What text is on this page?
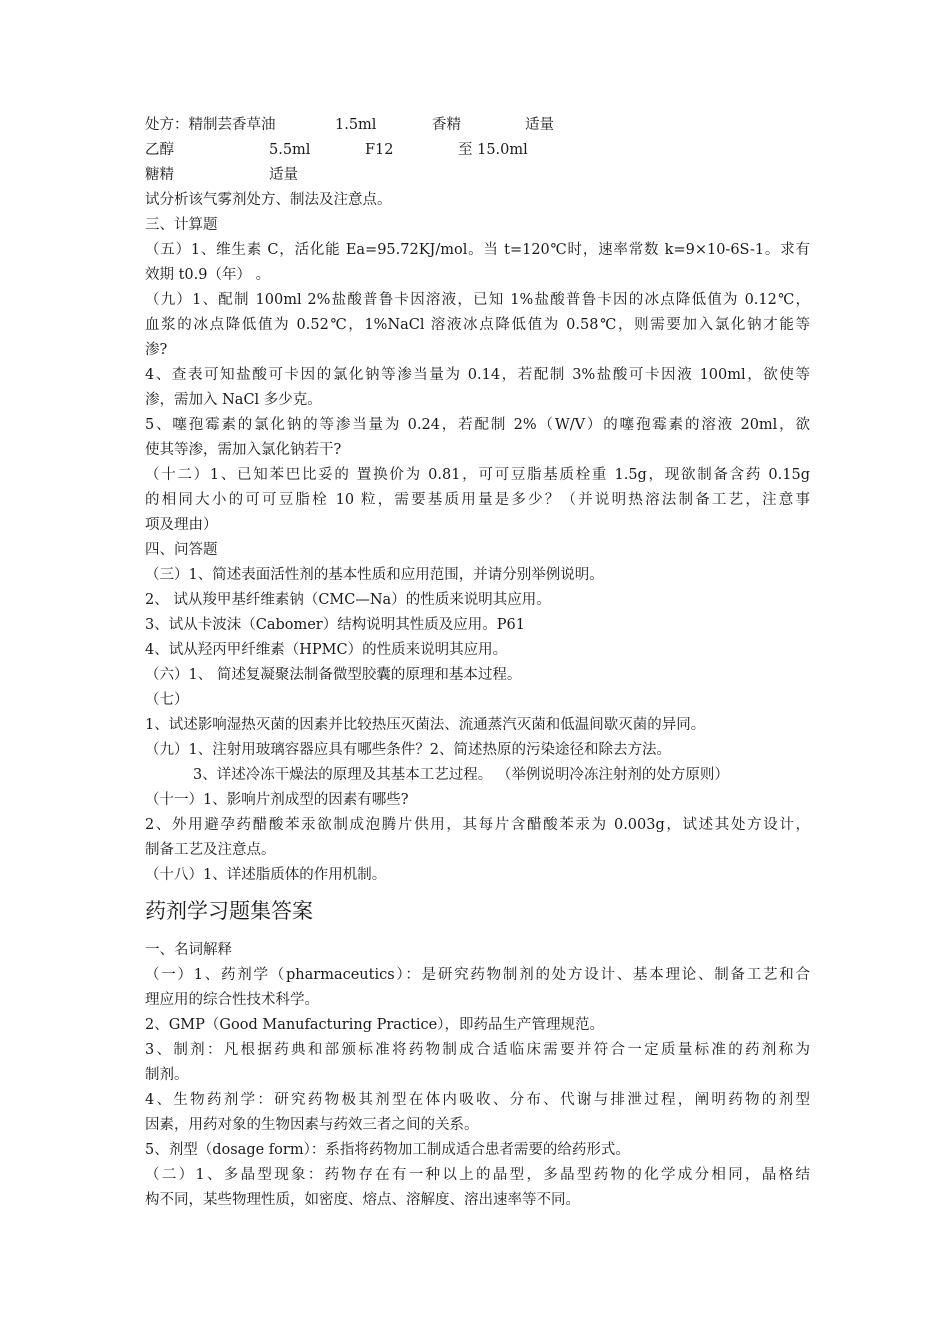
处方：精制芸香草油	1.5ml	香精	适量
乙醇	5.5ml	F12	至 15.0ml
糖精	适量
试分析该气雾剂处方、制法及注意点。
三、计算题
（五）1、维生素 C，活化能 Ea=95.72KJ/mol。当 t=120℃时，速率常数 k=9×10-6S-1。求有
效期 t0.9（年） 。
（九）1、配制 100ml 2%盐酸普鲁卡因溶液，已知 1%盐酸普鲁卡因的冰点降低值为 0.12℃，
血浆的冰点降低值为 0.52℃，1%NaCl 溶液冰点降低值为 0.58℃，则需要加入氯化钠才能等
渗?
4、查表可知盐酸可卡因的氯化钠等渗当量为 0.14，若配制 3%盐酸可卡因液 100ml，欲使等
渗，需加入 NaCl 多少克。
5、噻孢霉素的氯化钠的等渗当量为 0.24，若配制 2%（W/V）的噻孢霉素的溶液 20ml，欲
使其等渗，需加入氯化钠若干?
（十二）1、已知苯巴比妥的 置换价为 0.81，可可豆脂基质栓重 1.5g，现欲制备含药 0.15g
的相同大小的可可豆脂栓 10 粒，需要基质用量是多少？（并说明热溶法制备工艺，注意事
项及理由）
四、问答题
（三）1、简述表面活性剂的基本性质和应用范围，并请分别举例说明。
2、 试从羧甲基纤维素钠（CMC—Na）的性质来说明其应用。
3、试从卡波沫（Cabomer）结构说明其性质及应用。P61
4、试从羟丙甲纤维素（HPMC）的性质来说明其应用。
（六）1、 简述复凝聚法制备微型胶囊的原理和基本过程。
（七）
1、试述影响湿热灭菌的因素并比较热压灭菌法、流通蒸汽灭菌和低温间歇灭菌的异同。
（九）1、注射用玻璃容器应具有哪些条件？2、简述热原的污染途径和除去方法。
3、详述冷冻干燥法的原理及其基本工艺过程。 （举例说明冷冻注射剂的处方原则）
（十一）1、影响片剂成型的因素有哪些?
2、外用避孕药醋酸苯汞欲制成泡腾片供用，其每片含醋酸苯汞为 0.003g，试述其处方设计，
制备工艺及注意点。
（十八）1、详述脂质体的作用机制。
药剂学习题集答案
一、名词解释
（一）1、药剂学（pharmaceutics）：是研究药物制剂的处方设计、基本理论、制备工艺和合
理应用的综合性技术科学。
2、GMP（Good Manufacturing Practice），即药品生产管理规范。
3、制剂：凡根据药典和部颁标准将药物制成合适临床需要并符合一定质量标准的药剂称为
制剂。
4、生物药剂学：研究药物极其剂型在体内吸收、分布、代谢与排泄过程，阐明药物的剂型
因素，用药对象的生物因素与药效三者之间的关系。
5、剂型（dosage form）：系指将药物加工制成适合患者需要的给药形式。
（二）1、多晶型现象：药物存在有一种以上的晶型，多晶型药物的化学成分相同，晶格结
构不同，某些物理性质，如密度、熔点、溶解度、溶出速率等不同。
